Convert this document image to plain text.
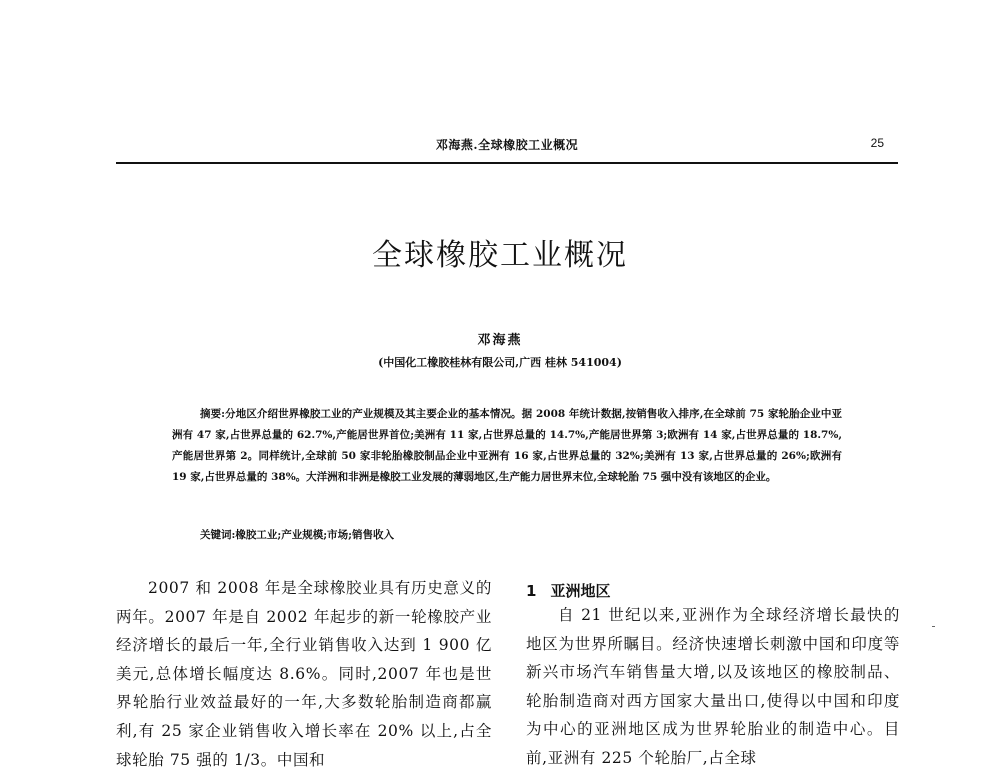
邓海燕.全球橡胶工业概况	25
全球橡胶工业概况
邓海燕
(中国化工橡胶桂林有限公司,广西 桂林 541004)

摘要:分地区介绍世界橡胶工业的产业规模及其主要企业的基本情况。据 2008 年统计数据,按销售收入排序,在全球前 75 家轮胎企业中亚洲有 47 家,占世界总量的 62.7%,产能居世界首位;美洲有 11 家,占世界总量的 14.7%,产能居世界第 3;欧洲有 14 家,占世界总量的 18.7%,产能居世界第 2。同样统计,全球前 50 家非轮胎橡胶制品企业中亚洲有 16 家,占世界总量的 32%;美洲有 13 家,占世界总量的 26%;欧洲有 19 家,占世界总量的 38%。大洋洲和非洲是橡胶工业发展的薄弱地区,生产能力居世界末位,全球轮胎 75 强中没有该地区的企业。

关键词:橡胶工业;产业规模;市场;销售收入

2007 和 2008 年是全球橡胶业具有历史意义的两年。2007 年是自 2002 年起步的新一轮橡胶产业经济增长的最后一年,全行业销售收入达到 1 900 亿美元,总体增长幅度达 8.6%。同时,2007 年也是世界轮胎行业效益最好的一年,大多数轮胎制造商都赢利,有 25 家企业销售收入增长率在 20% 以上,占全球轮胎 75 强的 1/3。中国和

1 亚洲地区

自 21 世纪以来,亚洲作为全球经济增长最快的地区为世界所瞩目。经济快速增长刺激中国和印度等新兴市场汽车销售量大增,以及该地区的橡胶制品、轮胎制造商对西方国家大量出口,使得以中国和印度为中心的亚洲地区成为世界轮胎业的制造中心。目前,亚洲有 225 个轮胎厂,占全球
